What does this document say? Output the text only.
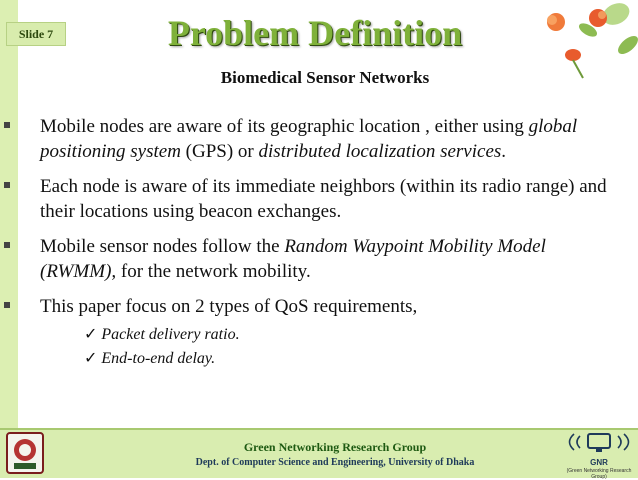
Slide 7	Problem Definition
Biomedical Sensor Networks
Mobile nodes are aware of its geographic location , either using global positioning system (GPS) or distributed localization services.
Each node is aware of its immediate neighbors (within its radio range) and their locations using beacon exchanges.
Mobile sensor nodes follow the Random Waypoint Mobility Model (RWMM), for the network mobility.
This paper focus on 2 types of QoS requirements,
✓ Packet delivery ratio.
✓ End-to-end delay.
Green Networking Research Group
Dept. of Computer Science and Engineering, University of Dhaka	GNR
(Green Networking Research Group)
